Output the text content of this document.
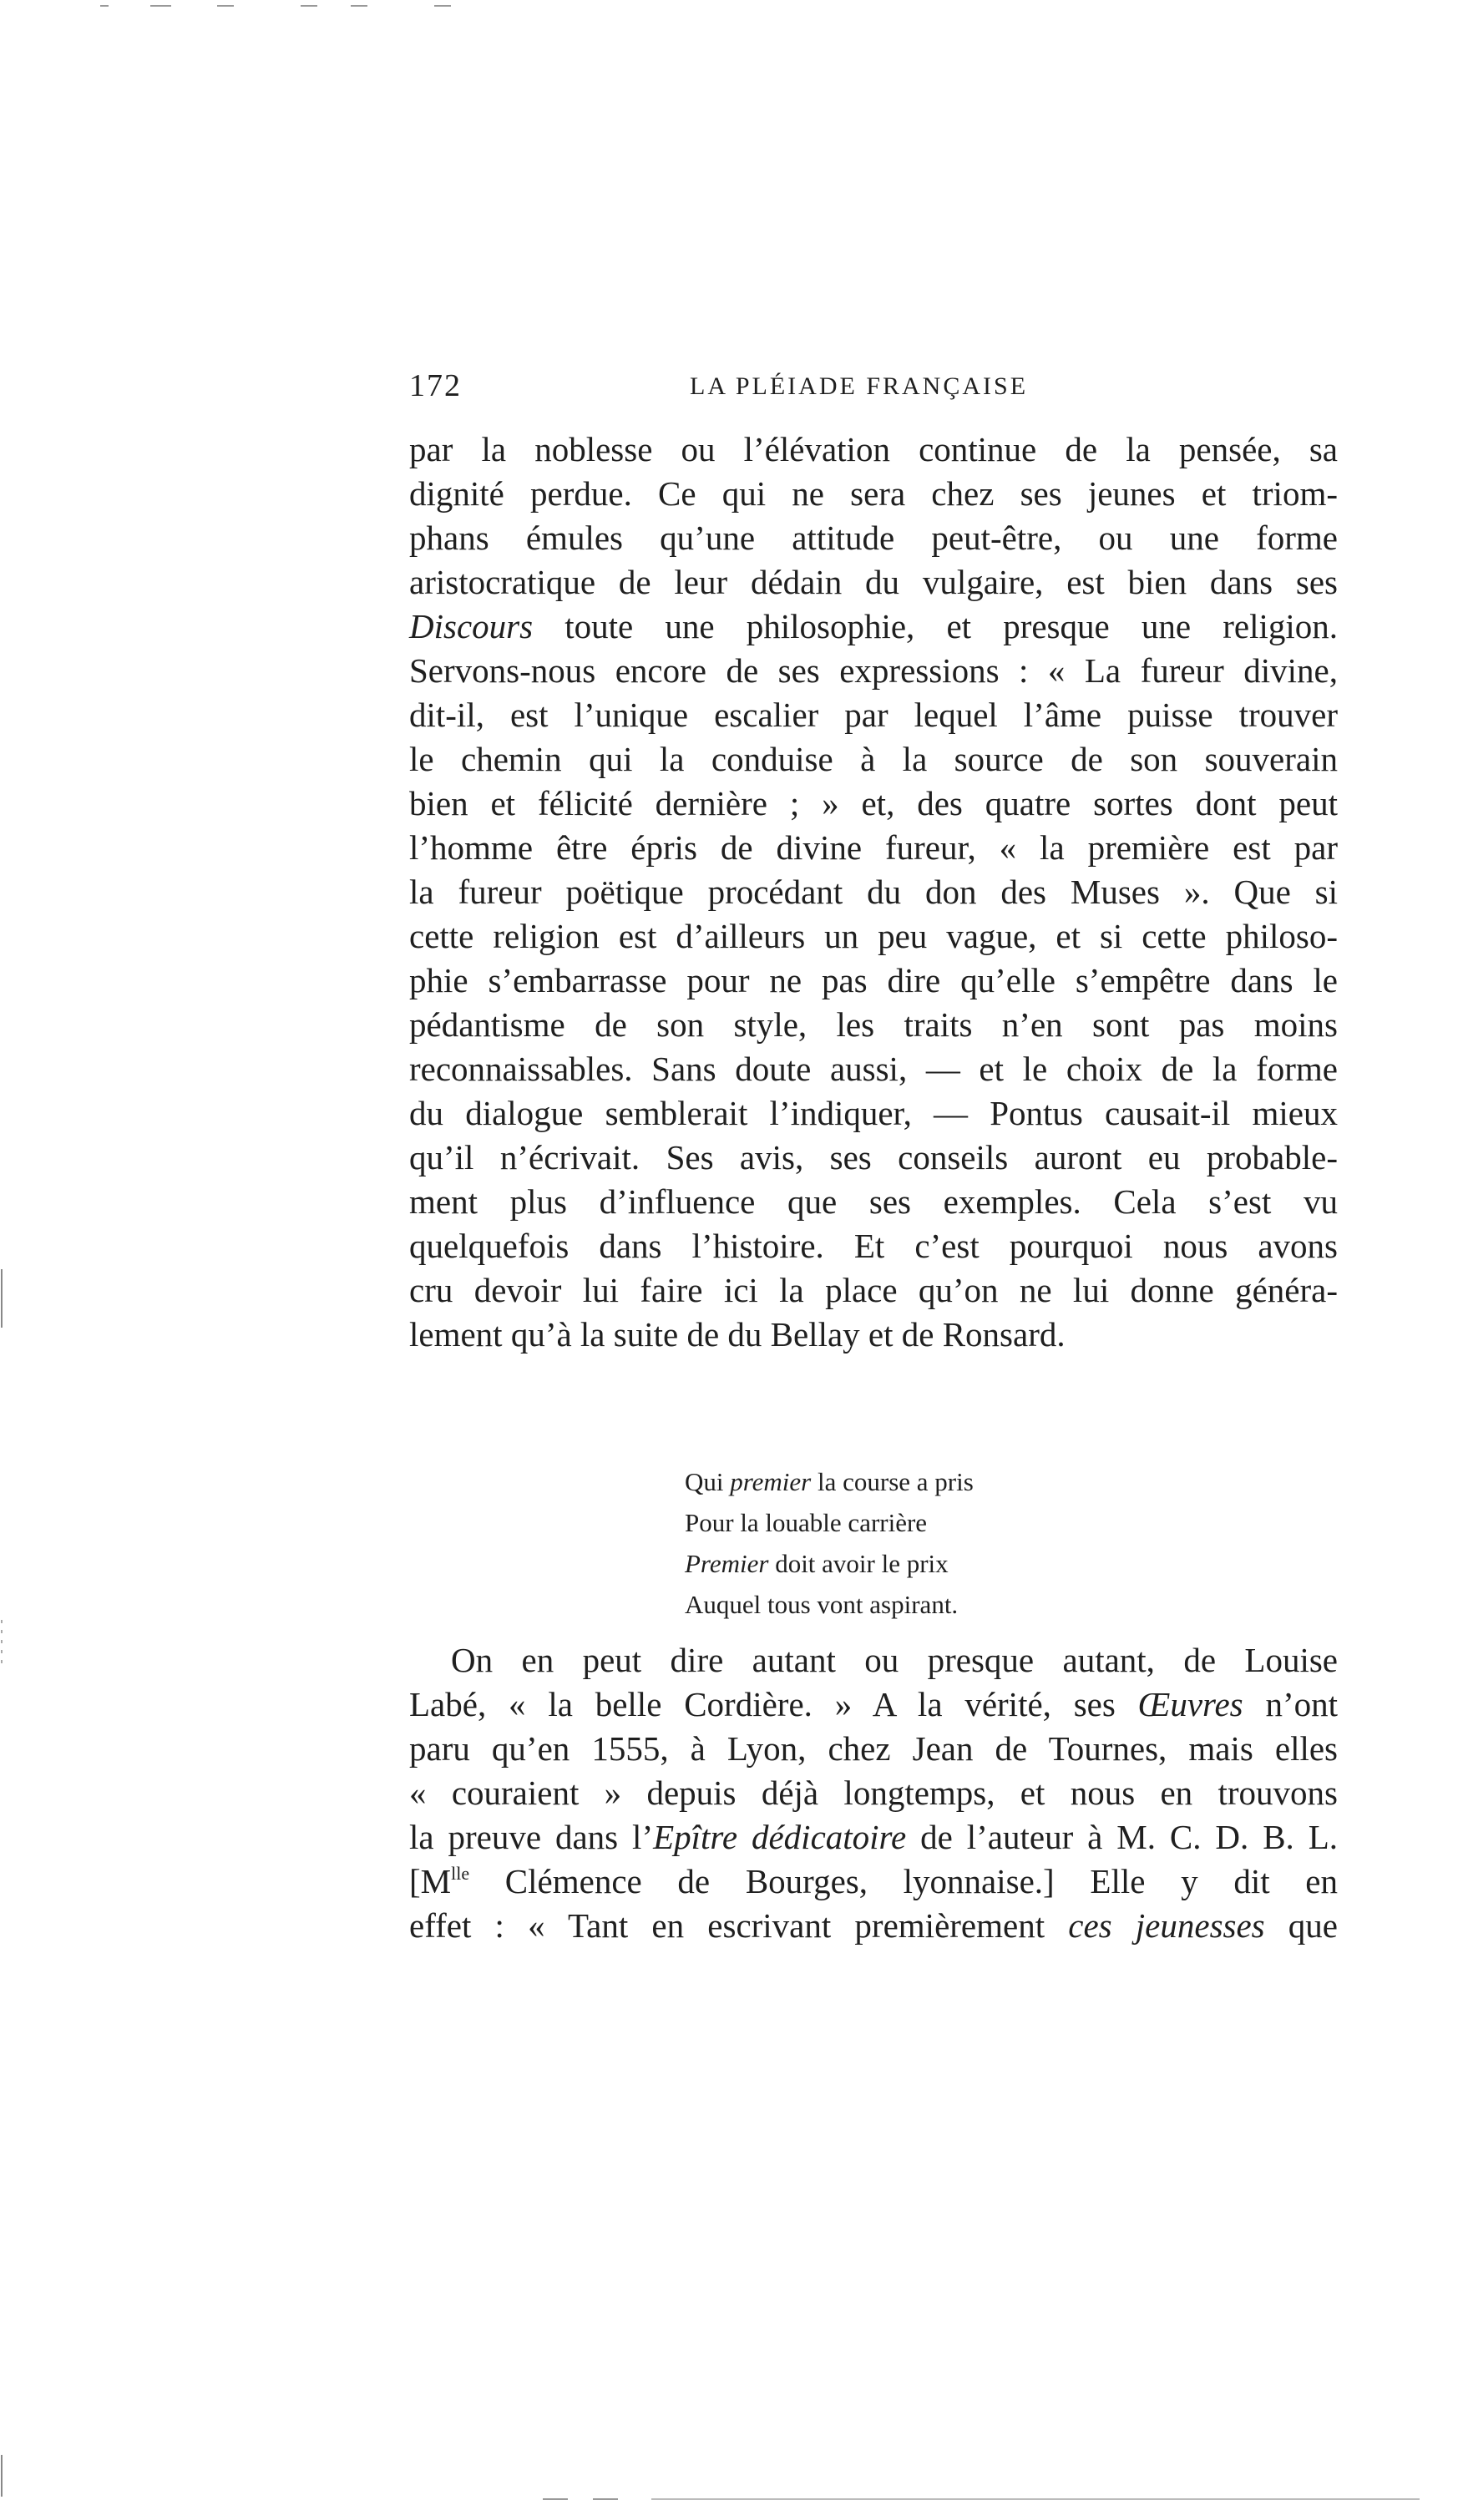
172	LA PLÉIADE FRANÇAISE
par la noblesse ou l’élévation continue de la pensée, sa
dignité perdue. Ce qui ne sera chez ses jeunes et triom-
phans émules qu’une attitude peut-être, ou une forme
aristocratique de leur dédain du vulgaire, est bien dans ses
Discours toute une philosophie, et presque une religion.
Servons-nous encore de ses expressions : « La fureur divine,
dit-il, est l’unique escalier par lequel l’âme puisse trouver
le chemin qui la conduise à la source de son souverain
bien et félicité dernière ; » et, des quatre sortes dont peut
l’homme être épris de divine fureur, « la première est par
la fureur poëtique procédant du don des Muses ». Que si
cette religion est d’ailleurs un peu vague, et si cette philoso-
phie s’embarrasse pour ne pas dire qu’elle s’empêtre dans le
pédantisme de son style, les traits n’en sont pas moins
reconnaissables. Sans doute aussi, — et le choix de la forme
du dialogue semblerait l’indiquer, — Pontus causait-il mieux
qu’il n’écrivait. Ses avis, ses conseils auront eu probable-
ment plus d’influence que ses exemples. Cela s’est vu
quelquefois dans l’histoire. Et c’est pourquoi nous avons
cru devoir lui faire ici la place qu’on ne lui donne généra-
lement qu’à la suite de du Bellay et de Ronsard.
Qui premier la course a pris
Pour la louable carrière
Premier doit avoir le prix
Auquel tous vont aspirant.
On en peut dire autant ou presque autant, de Louise
Labé, « la belle Cordière. » A la vérité, ses Œuvres n’ont
paru qu’en 1555, à Lyon, chez Jean de Tournes, mais elles
« couraient » depuis déjà longtemps, et nous en trouvons
la preuve dans l’Epître dédicatoire de l’auteur à M. C. D. B. L.
[$M^{lle}$ Clémence de Bourges, lyonnaise.] Elle y dit en
effet : « Tant en escrivant premièrement ces jeunesses que
